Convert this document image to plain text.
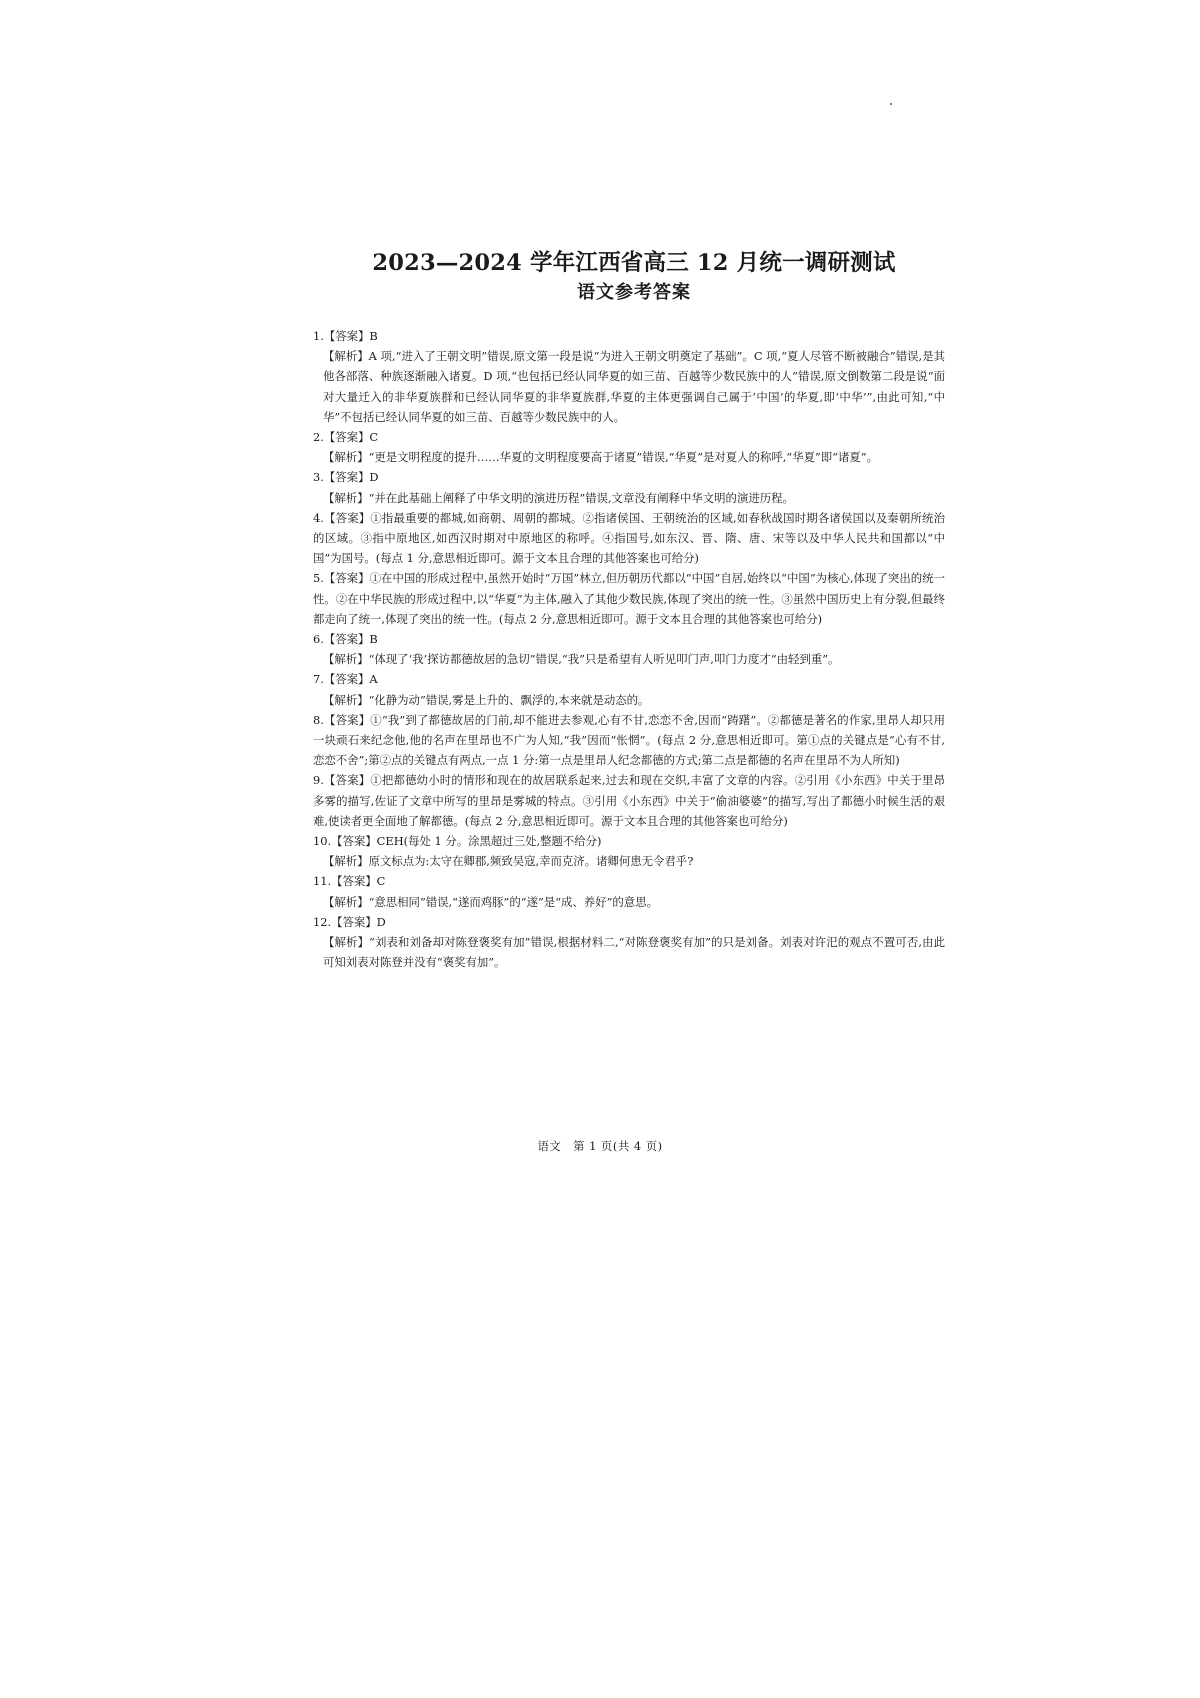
2023—2024 学年江西省高三 12 月统一调研测试
语文参考答案
1.【答案】B
【解析】A 项,“进入了王朝文明”错误,原文第一段是说“为进入王朝文明奠定了基础”。C 项,“夏人尽管不断被融合”错误,是其他各部落、种族逐渐融入诸夏。D 项,“也包括已经认同华夏的如三苗、百越等少数民族中的人”错误,原文倒数第二段是说“面对大量迁入的非华夏族群和已经认同华夏的非华夏族群,华夏的主体更强调自己属于‘中国’的华夏,即‘中华’”,由此可知,“中华”不包括已经认同华夏的如三苗、百越等少数民族中的人。
2.【答案】C
【解析】“更是文明程度的提升……华夏的文明程度要高于诸夏”错误,“华夏”是对夏人的称呼,“华夏”即“诸夏”。
3.【答案】D
【解析】“并在此基础上阐释了中华文明的演进历程”错误,文章没有阐释中华文明的演进历程。
4.【答案】①指最重要的都城,如商朝、周朝的都城。②指诸侯国、王朝统治的区域,如春秋战国时期各诸侯国以及秦朝所统治的区域。③指中原地区,如西汉时期对中原地区的称呼。④指国号,如东汉、晋、隋、唐、宋等以及中华人民共和国都以“中国”为国号。(每点 1 分,意思相近即可。源于文本且合理的其他答案也可给分)
5.【答案】①在中国的形成过程中,虽然开始时“万国”林立,但历朝历代都以“中国”自居,始终以“中国”为核心,体现了突出的统一性。②在中华民族的形成过程中,以“华夏”为主体,融入了其他少数民族,体现了突出的统一性。③虽然中国历史上有分裂,但最终都走向了统一,体现了突出的统一性。(每点 2 分,意思相近即可。源于文本且合理的其他答案也可给分)
6.【答案】B
【解析】“体现了‘我’探访都德故居的急切”错误,“我”只是希望有人听见叩门声,叩门力度才“由轻到重”。
7.【答案】A
【解析】“化静为动”错误,雾是上升的、飘浮的,本来就是动态的。
8.【答案】①“我”到了都德故居的门前,却不能进去参观,心有不甘,恋恋不舍,因而“踌躇”。②都德是著名的作家,里昂人却只用一块顽石来纪念他,他的名声在里昂也不广为人知,“我”因而“怅惘”。(每点 2 分,意思相近即可。第①点的关键点是“心有不甘,恋恋不舍”;第②点的关键点有两点,一点 1 分:第一点是里昂人纪念都德的方式;第二点是都德的名声在里昂不为人所知)
9.【答案】①把都德幼小时的情形和现在的故居联系起来,过去和现在交织,丰富了文章的内容。②引用《小东西》中关于里昂多雾的描写,佐证了文章中所写的里昂是雾城的特点。③引用《小东西》中关于“偷油婆婆”的描写,写出了都德小时候生活的艰难,使读者更全面地了解都德。(每点 2 分,意思相近即可。源于文本且合理的其他答案也可给分)
10.【答案】CEH(每处 1 分。涂黑超过三处,整题不给分)
【解析】原文标点为:太守在卿郡,频致吴寇,幸而克济。诸卿何患无令君乎?
11.【答案】C
【解析】“意思相同”错误,“遂而鸡豚”的“遂”是“成、养好”的意思。
12.【答案】D
【解析】“刘表和刘备却对陈登褒奖有加”错误,根据材料二,“对陈登褒奖有加”的只是刘备。刘表对许汜的观点不置可否,由此可知刘表对陈登并没有“褒奖有加”。
语文　第 1 页(共 4 页)
